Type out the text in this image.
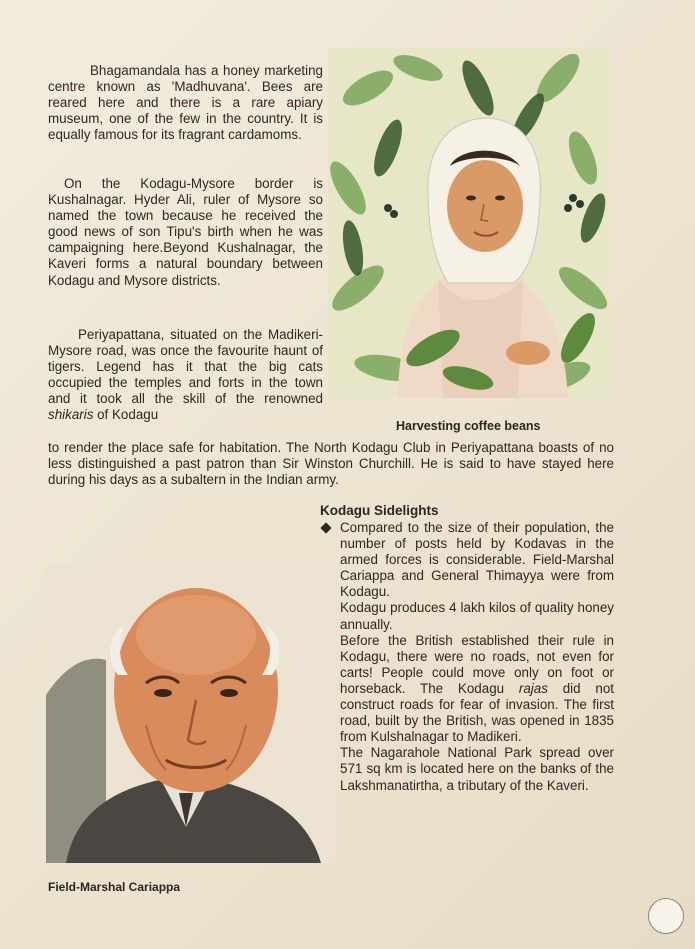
Bhagamandala has a honey marketing centre known as 'Madhuvana'. Bees are reared here and there is a rare apiary museum, one of the few in the country. It is equally famous for its fragrant cardamoms.

On the Kodagu-Mysore border is Kushalnagar. Hyder Ali, ruler of Mysore so named the town because he received the good news of son Tipu's birth when he was campaigning here.Beyond Kushalnagar, the Kaveri forms a natural boundary between Kodagu and Mysore districts.

Periyapattana, situated on the Madikeri-Mysore road, was once the favourite haunt of tigers. Legend has it that the big cats occupied the temples and forts in the town and it took all the skill of the renowned shikaris of Kodagu

to render the place safe for habitation. The North Kodagu Club in Periyapattana boasts of no less distinguished a past patron than Sir Winston Churchill. He is said to have stayed here during his days as a subaltern in the Indian army.

Harvesting coffee beans

Kodagu Sidelights

Compared to the size of their population, the number of posts held by Kodavas in the armed forces is considerable. Field-Marshal Cariappa and General Thimayya were from Kodagu.
Kodagu produces 4 lakh kilos of quality honey annually.
Before the British established their rule in Kodagu, there were no roads, not even for carts! People could move only on foot or horseback. The Kodagu rajas did not construct roads for fear of invasion. The first road, built by the British, was opened in 1835 from Kulshalnagar to Madikeri.
The Nagarahole National Park spread over 571 sq km is located here on the banks of the Lakshmanatirtha, a tributary of the Kaveri.
Field-Marshal Cariappa
